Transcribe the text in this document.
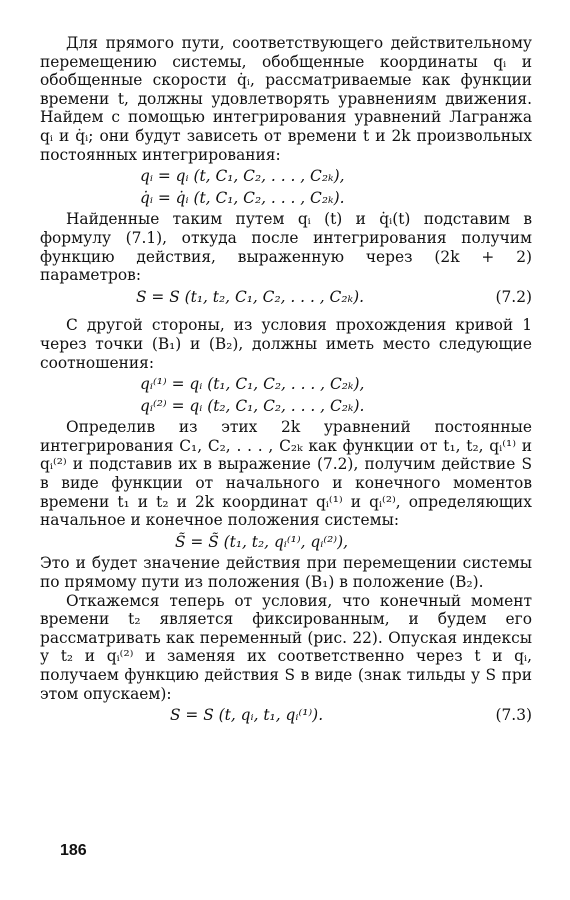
Для прямого пути, соответствующего действительному перемещению системы, обобщенные координаты qᵢ и обобщенные скорости q̇ᵢ, рассматриваемые как функции времени t, должны удовлетворять уравнениям движения. Найдем с помощью интегрирования уравнений Лагранжа qᵢ и q̇ᵢ; они будут зависеть от времени t и 2k произвольных постоянных интегрирования:

qᵢ = qᵢ (t, C₁, C₂, . . . , C₂ₖ),
q̇ᵢ = q̇ᵢ (t, C₁, C₂, . . . , C₂ₖ).

Найденные таким путем qᵢ (t) и q̇ᵢ(t) подставим в формулу (7.1), откуда после интегрирования получим функцию действия, выраженную через (2k + 2) параметров:

S = S (t₁, t₂, C₁, C₂, . . . , C₂ₖ).	(7.2)

С другой стороны, из условия прохождения кривой 1 через точки (B₁) и (B₂), должны иметь место следующие соотношения:

qᵢ⁽¹⁾ = qᵢ (t₁, C₁, C₂, . . . , C₂ₖ),
qᵢ⁽²⁾ = qᵢ (t₂, C₁, C₂, . . . , C₂ₖ).

Определив из этих 2k уравнений постоянные интегрирования C₁, C₂, . . . , C₂ₖ как функции от t₁, t₂, qᵢ⁽¹⁾ и qᵢ⁽²⁾ и подставив их в выражение (7.2), получим действие S в виде функции от начального и конечного моментов времени t₁ и t₂ и 2k координат qᵢ⁽¹⁾ и qᵢ⁽²⁾, определяющих начальное и конечное положения системы:

S̃ = S̃ (t₁, t₂, qᵢ⁽¹⁾, qᵢ⁽²⁾),

Это и будет значение действия при перемещении системы по прямому пути из положения (B₁) в положение (B₂).

Откажемся теперь от условия, что конечный момент времени t₂ является фиксированным, и будем его рассматривать как переменный (рис. 22). Опуская индексы у t₂ и qᵢ⁽²⁾ и заменяя их соответственно через t и qᵢ, получаем функцию действия S в виде (знак тильды у S при этом опускаем):

S = S (t, qᵢ, t₁, qᵢ⁽¹⁾).	(7.3)
186
